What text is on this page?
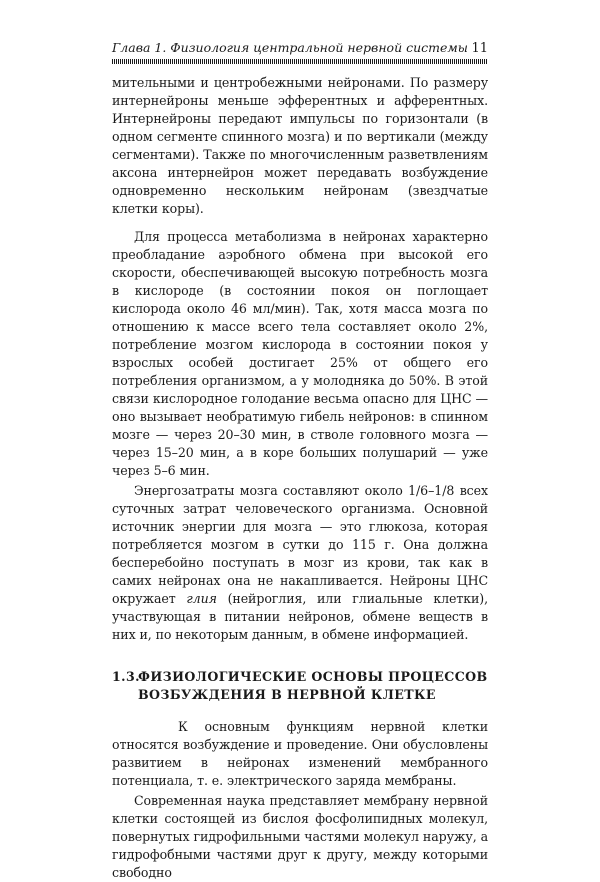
Глава 1. Физиология центральной нервной системы 11

мительными и центробежными нейронами. По размеру интернейроны меньше эфферентных и афферентных. Интернейроны передают импульсы по горизонтали (в одном сегменте спинного мозга) и по вертикали (между сегментами). Также по многочисленным разветвлениям аксона интернейрон может передавать возбуждение одновременно нескольким нейронам (звездчатые клетки коры).

Для процесса метаболизма в нейронах характерно преобладание аэробного обмена при высокой его скорости, обеспечивающей высокую потребность мозга в кислороде (в состоянии покоя он поглощает кислорода около 46 мл/мин). Так, хотя масса мозга по отношению к массе всего тела составляет около 2%, потребление мозгом кислорода в состоянии покоя у взрослых особей достигает 25% от общего его потребления организмом, а у молодняка до 50%. В этой связи кислородное голодание весьма опасно для ЦНС — оно вызывает необратимую гибель нейронов: в спинном мозге — через 20–30 мин, в стволе головного мозга — через 15–20 мин, а в коре больших полушарий — уже через 5–6 мин.

Энергозатраты мозга составляют около 1/6–1/8 всех суточных затрат человеческого организма. Основной источник энергии для мозга — это глюкоза, которая потребляется мозгом в сутки до 115 г. Она должна бесперебойно поступать в мозг из крови, так как в самих нейронах она не накапливается. Нейроны ЦНС окружает глия (нейроглия, или глиальные клетки), участвующая в питании нейронов, обмене веществ в них и, по некоторым данным, в обмене информацией.

1.3.ФИЗИОЛОГИЧЕСКИЕ ОСНОВЫ ПРОЦЕССОВ
ВОЗБУЖДЕНИЯ В НЕРВНОЙ КЛЕТКЕ

К основным функциям нервной клетки относятся возбуждение и проведение. Они обусловлены развитием в нейронах изменений мембранного потенциала, т. е. электрического заряда мембраны.

Современная наука представляет мембрану нервной клетки состоящей из бислоя фосфолипидных молекул, повернутых гидрофильными частями молекул наружу, а гидрофобными частями друг к другу, между которыми свободно
